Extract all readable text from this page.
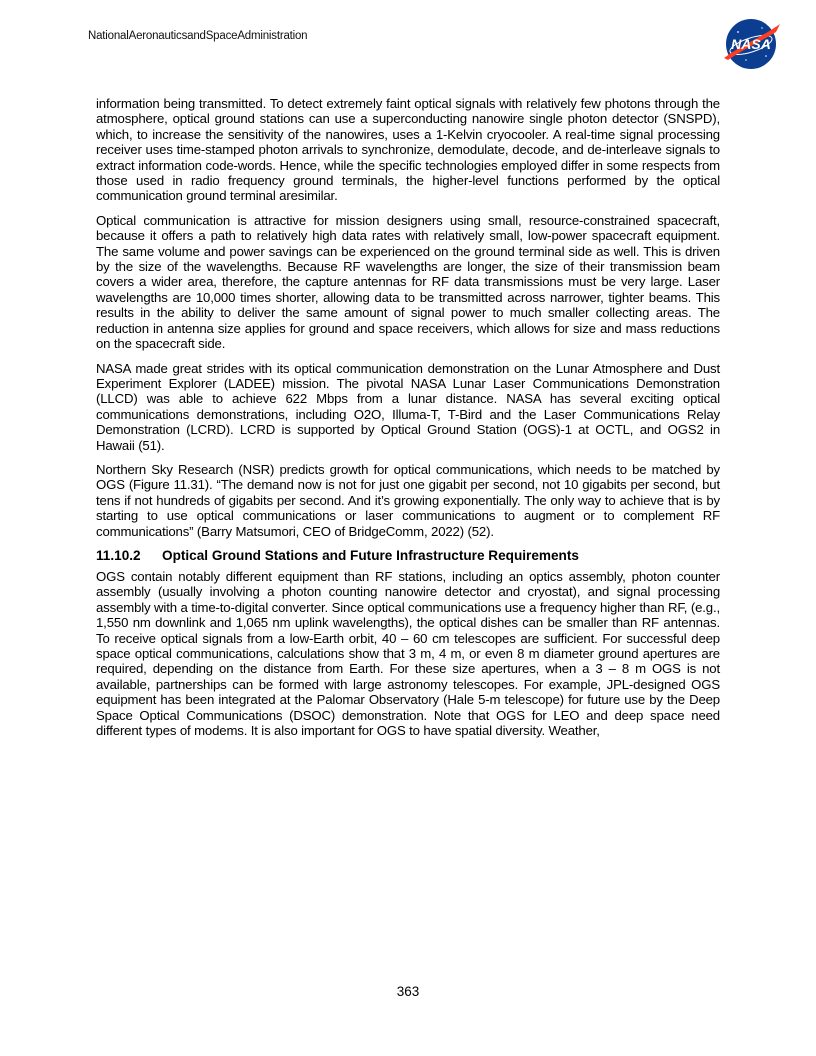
NationalAeronauticsandSpaceAdministration	NASA

information being transmitted. To detect extremely faint optical signals with relatively few photons through the atmosphere, optical ground stations can use a superconducting nanowire single photon detector (SNSPD), which, to increase the sensitivity of the nanowires, uses a 1-Kelvin cryocooler. A real-time signal processing receiver uses time-stamped photon arrivals to synchronize, demodulate, decode, and de-interleave signals to extract information code-words. Hence, while the specific technologies employed differ in some respects from those used in radio frequency ground terminals, the higher-level functions performed by the optical communication ground terminal aresimilar.

Optical communication is attractive for mission designers using small, resource-constrained spacecraft, because it offers a path to relatively high data rates with relatively small, low-power spacecraft equipment. The same volume and power savings can be experienced on the ground terminal side as well. This is driven by the size of the wavelengths. Because RF wavelengths are longer, the size of their transmission beam covers a wider area, therefore, the capture antennas for RF data transmissions must be very large. Laser wavelengths are 10,000 times shorter, allowing data to be transmitted across narrower, tighter beams. This results in the ability to deliver the same amount of signal power to much smaller collecting areas. The reduction in antenna size applies for ground and space receivers, which allows for size and mass reductions on the spacecraft side.

NASA made great strides with its optical communication demonstration on the Lunar Atmosphere and Dust Experiment Explorer (LADEE) mission. The pivotal NASA Lunar Laser Communications Demonstration (LLCD) was able to achieve 622 Mbps from a lunar distance. NASA has several exciting optical communications demonstrations, including O2O, Illuma-T, T-Bird and the Laser Communications Relay Demonstration (LCRD). LCRD is supported by Optical Ground Station (OGS)-1 at OCTL, and OGS2 in Hawaii (51).

Northern Sky Research (NSR) predicts growth for optical communications, which needs to be matched by OGS (Figure 11.31). “The demand now is not for just one gigabit per second, not 10 gigabits per second, but tens if not hundreds of gigabits per second. And it’s growing exponentially. The only way to achieve that is by starting to use optical communications or laser communications to augment or to complement RF communications” (Barry Matsumori, CEO of BridgeComm, 2022) (52).

11.10.2	Optical Ground Stations and Future Infrastructure Requirements

OGS contain notably different equipment than RF stations, including an optics assembly, photon counter assembly (usually involving a photon counting nanowire detector and cryostat), and signal processing assembly with a time-to-digital converter. Since optical communications use a frequency higher than RF, (e.g., 1,550 nm downlink and 1,065 nm uplink wavelengths), the optical dishes can be smaller than RF antennas. To receive optical signals from a low-Earth orbit, 40 – 60 cm telescopes are sufficient. For successful deep space optical communications, calculations show that 3 m, 4 m, or even 8 m diameter ground apertures are required, depending on the distance from Earth. For these size apertures, when a 3 – 8 m OGS is not available, partnerships can be formed with large astronomy telescopes. For example, JPL-designed OGS equipment has been integrated at the Palomar Observatory (Hale 5-m telescope) for future use by the Deep Space Optical Communications (DSOC) demonstration. Note that OGS for LEO and deep space need different types of modems. It is also important for OGS to have spatial diversity. Weather,

363
